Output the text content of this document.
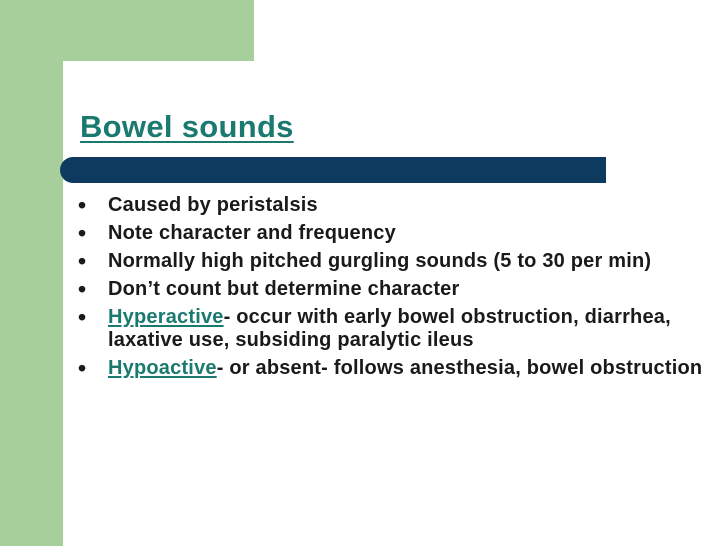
Bowel sounds
• Caused by peristalsis
• Note character and frequency
• Normally high pitched gurgling sounds (5 to 30 per min)
• Don’t count but determine character
• Hyperactive- occur with early bowel obstruction, diarrhea, laxative use, subsiding paralytic ileus
• Hypoactive- or absent- follows anesthesia, bowel obstruction
